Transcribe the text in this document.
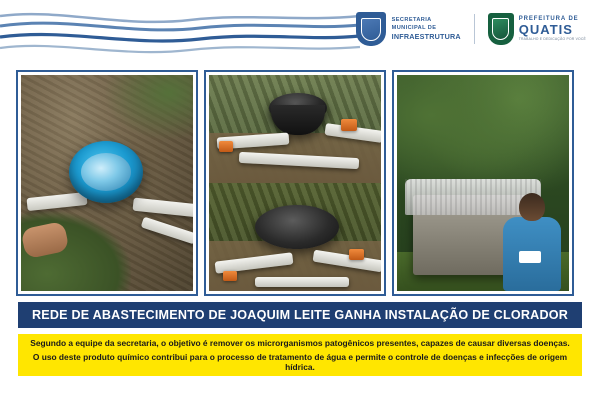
SECRETARIA
MUNICIPAL DE
INFRAESTRUTURA
PREFEITURA DE
QUATIS
TRABALHO E DEDICAÇÃO POR VOCÊ
REDE DE ABASTECIMENTO DE JOAQUIM LEITE GANHA INSTALAÇÃO DE CLORADOR

Segundo a equipe da secretaria, o objetivo é remover os microrganismos patogênicos presentes, capazes de causar diversas doenças.

O uso deste produto químico contribui para o processo de tratamento de água e permite o controle de doenças e infecções de origem hídrica.
